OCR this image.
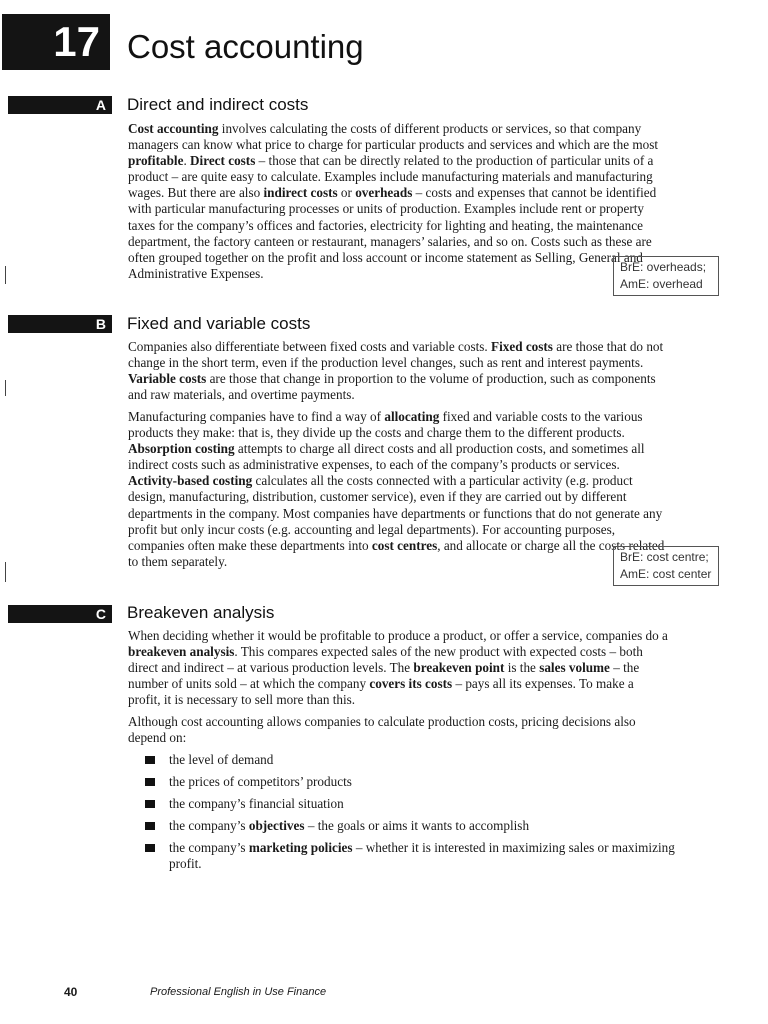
17 Cost accounting
A	Direct and indirect costs

Cost accounting involves calculating the costs of different products or services, so that company managers can know what price to charge for particular products and services and which are the most profitable. Direct costs – those that can be directly related to the production of particular units of a product – are quite easy to calculate. Examples include manufacturing materials and manufacturing wages. But there are also indirect costs or overheads – costs and expenses that cannot be identified with particular manufacturing processes or units of production. Examples include rent or property taxes for the company’s offices and factories, electricity for lighting and heating, the maintenance department, the factory canteen or restaurant, managers’ salaries, and so on. Costs such as these are often grouped together on the profit and loss account or income statement as Selling, General and Administrative Expenses.	BrE: overheads;
AmE: overhead
B	Fixed and variable costs

Companies also differentiate between fixed costs and variable costs. Fixed costs are those that do not change in the short term, even if the production level changes, such as rent and interest payments. Variable costs are those that change in proportion to the volume of production, such as components and raw materials, and overtime payments.

Manufacturing companies have to find a way of allocating fixed and variable costs to the various products they make: that is, they divide up the costs and charge them to the different products. Absorption costing attempts to charge all direct costs and all production costs, and sometimes all indirect costs such as administrative expenses, to each of the company’s products or services. Activity-based costing calculates all the costs connected with a particular activity (e.g. product design, manufacturing, distribution, customer service), even if they are carried out by different departments in the company. Most companies have departments or functions that do not generate any profit but only incur costs (e.g. accounting and legal departments). For accounting purposes, companies often make these departments into cost centres, and allocate or charge all the costs related to them separately.	BrE: cost centre;
AmE: cost center
C	Breakeven analysis

When deciding whether it would be profitable to produce a product, or offer a service, companies do a breakeven analysis. This compares expected sales of the new product with expected costs – both direct and indirect – at various production levels. The breakeven point is the sales volume – the number of units sold – at which the company covers its costs – pays all its expenses. To make a profit, it is necessary to sell more than this.

Although cost accounting allows companies to calculate production costs, pricing decisions also depend on:

the level of demand
the prices of competitors’ products
the company’s financial situation
the company’s objectives – the goals or aims it wants to accomplish
the company’s marketing policies – whether it is interested in maximizing sales or maximizing profit.
40	Professional English in Use Finance
